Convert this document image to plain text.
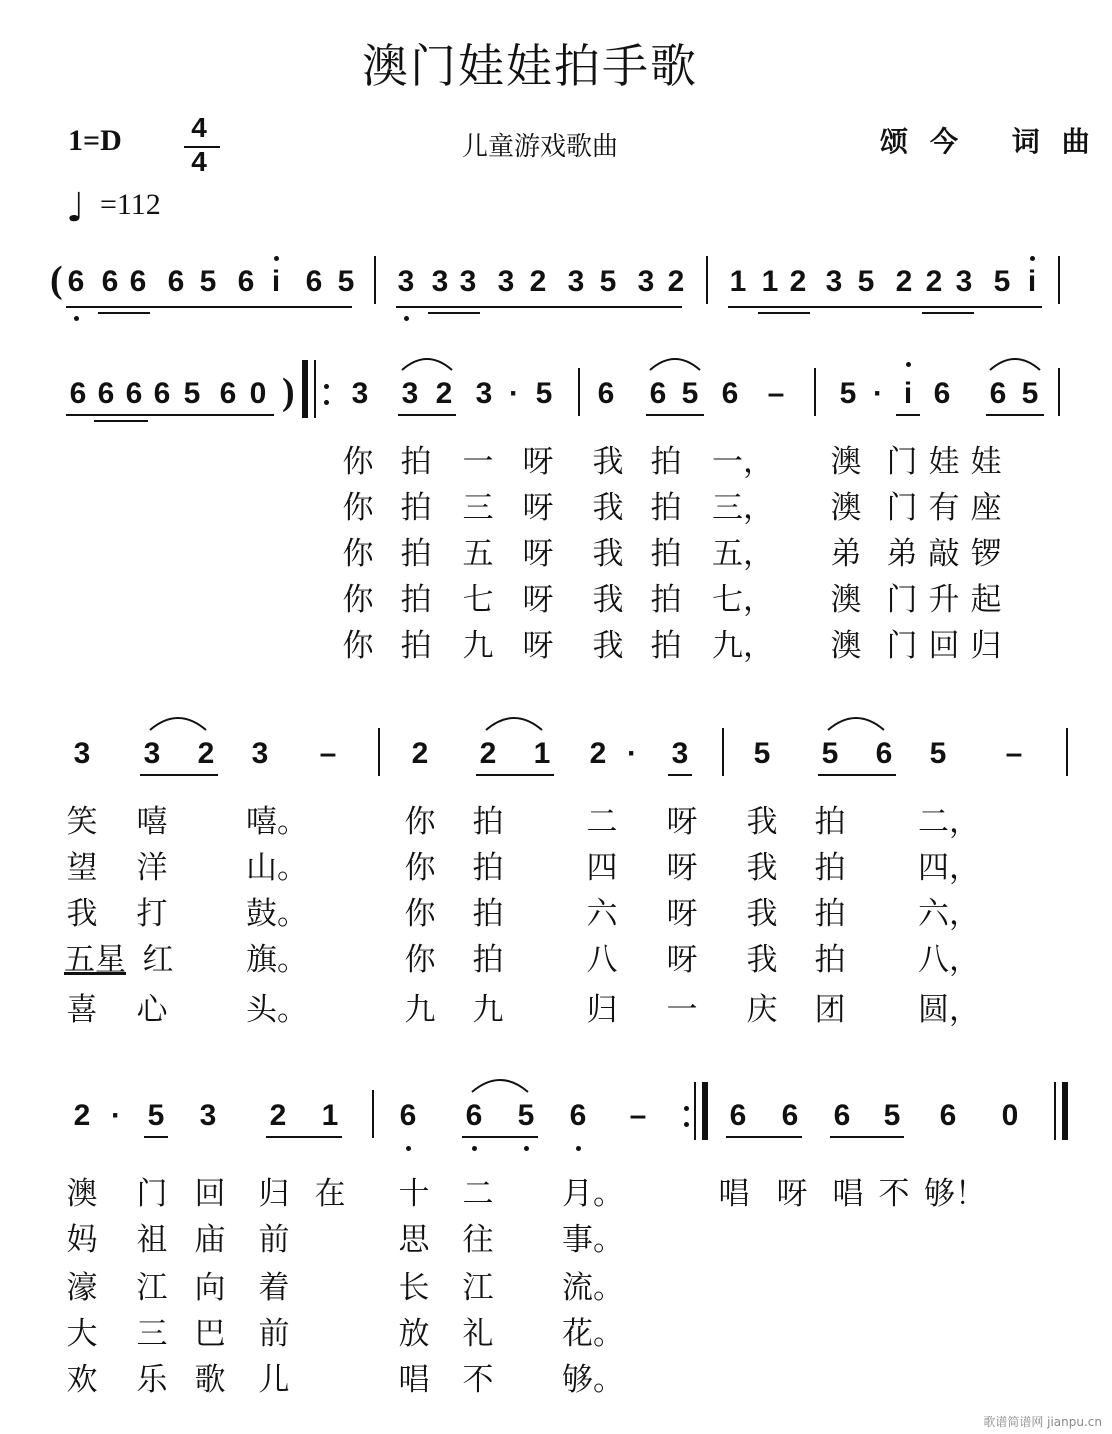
澳门娃娃拍手歌
1=D 4
4	儿童游戏歌曲	颂今 词曲
♩ =112
( 6 6 6 6 5 6 i 6 5 3 3 3 3 2 3 5 3 2 1 1 2 3 5 2 2 3 5 i
6 6 6 6 5 6 0 ) 3 3 2 3 · 5 6 6 5 6 – 5 · i 6 6 5
你 拍 一 呀 我 拍 一， 澳 门 娃 娃
你 拍 三 呀 我 拍 三， 澳 门 有 座
你 拍 五 呀 我 拍 五， 弟 弟 敲 锣
你 拍 七 呀 我 拍 七， 澳 门 升 起
你 拍 九 呀 我 拍 九， 澳 门 回 归
3 3 2 3 –	2 2 1 2 · 3 5 5 6 5 –
笑 嘻	嘻。	你 拍	二 呀 我 拍 二，
望 洋	山。	你 拍	四 呀 我 拍 四，
我 打	鼓。	你 拍	六 呀 我 拍 六，
五星 红 旗。	你 拍	八 呀 我 拍 八，
喜 心	头。	九 九	归 一 庆 团 圆，
2 · 5 3 2 1 6 6 5 6 –	6 6 6 5 6 0
澳 门 回 归 在 十 二 月。	唱 呀 唱 不 够！
妈 祖 庙 前	思 往 事。
濠 江 向 着	长 江 流。
大 三 巴 前	放 礼 花。
欢 乐 歌 儿	唱 不 够。
歌谱简谱网 jianpu.cn
